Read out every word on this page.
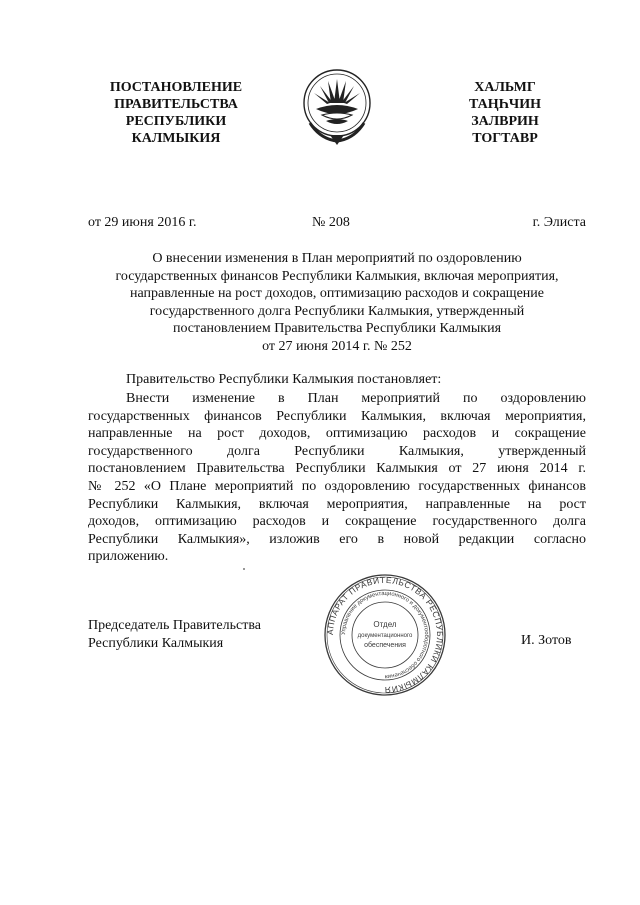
ПОСТАНОВЛЕНИЕ
ПРАВИТЕЛЬСТВА
РЕСПУБЛИКИ
КАЛМЫКИЯ
ХАЛЬМГ
ТАҢҺЧИН
ЗАЛВРИН
ТОГТАВР
от 29 июня 2016 г.	№ 208	г. Элиста
О внесении изменения в План мероприятий по оздоровлению
государственных финансов Республики Калмыкия, включая мероприятия,
направленные на рост доходов, оптимизацию расходов и сокращение
государственного долга Республики Калмыкия, утвержденный
постановлением Правительства Республики Калмыкия
от 27 июня 2014 г. № 252
Правительство Республики Калмыкия постановляет:
Внести изменение в План мероприятий по оздоровлению
государственных финансов Республики Калмыкия, включая мероприятия,
направленные на рост доходов, оптимизацию расходов и сокращение
государственного долга Республики Калмыкия, утвержденный
постановлением Правительства Республики Калмыкия от 27 июня 2014 г.
№ 252 «О Плане мероприятий по оздоровлению государственных финансов
Республики Калмыкия, включая мероприятия, направленные на рост
доходов, оптимизацию расходов и сокращение государственного долга
Республики Калмыкия», изложив его в новой редакции согласно
приложению.
АППАРАТ ПРАВИТЕЛЬСТВА РЕСПУБЛИКИ КАЛМЫКИЯ
Управление документационного и документооборотного обеспечения
Отдел
документационного
обеспечения
Председатель Правительства
Республики Калмыкия	И. Зотов
